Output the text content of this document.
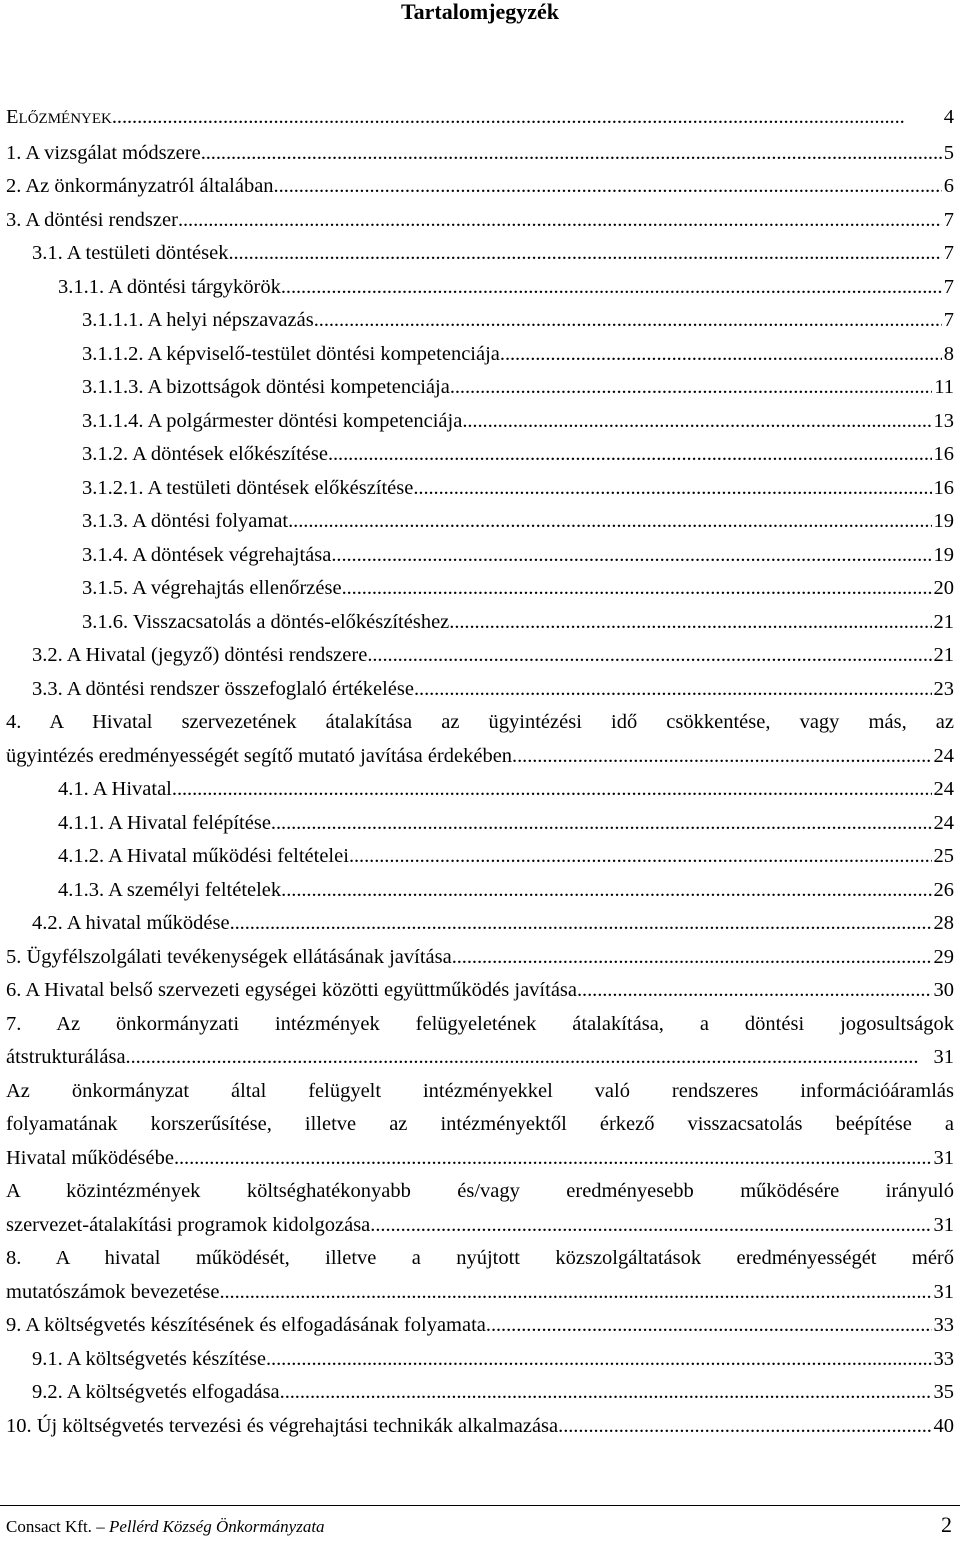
Tartalomjegyzék
ELŐZMÉNYEK . . .	4
1. A vizsgálat módszere . . .	5
2. Az önkormányzatról általában . . .	6
3. A döntési rendszer . . .	7
3.1. A testületi döntések . . .	7
3.1.1. A döntési tárgykörök . . .	7
3.1.1.1. A helyi népszavazás . . .	7
3.1.1.2. A képviselő-testület döntési kompetenciája . . .	8
3.1.1.3. A bizottságok döntési kompetenciája . . .	11
3.1.1.4. A polgármester döntési kompetenciája . . .	13
3.1.2. A döntések előkészítése . . .	16
3.1.2.1. A testületi döntések előkészítése . . .	16
3.1.3. A döntési folyamat . . .	19
3.1.4. A döntések végrehajtása . . .	19
3.1.5. A végrehajtás ellenőrzése . . .	20
3.1.6. Visszacsatolás a döntés-előkészítéshez . . .	21
3.2. A Hivatal (jegyző) döntési rendszere . . .	21
3.3. A döntési rendszer összefoglaló értékelése . . .	23
4. A Hivatal szervezetének átalakítása az ügyintézési idő csökkentése, vagy más, az
ügyintézés eredményességét segítő mutató javítása érdekében . . .	24
4.1. A Hivatal . . .	24
4.1.1. A Hivatal felépítése . . .	24
4.1.2. A Hivatal működési feltételei . . .	25
4.1.3. A személyi feltételek . . .	26
4.2. A hivatal működése . . .	28
5. Ügyfélszolgálati tevékenységek ellátásának javítása . . .	29
6. A Hivatal belső szervezeti egységei közötti együttműködés javítása . . .	30
7. Az önkormányzati intézmények felügyeletének átalakítása, a döntési jogosultságok
átstrukturálása . . .	31
Az önkormányzat által felügyelt intézményekkel való rendszeres információáramlás
folyamatának korszerűsítése, illetve az intézményektől érkező visszacsatolás beépítése a
Hivatal működésébe . . .	31
A közintézmények költséghatékonyabb és/vagy eredményesebb működésére irányuló
szervezet-átalakítási programok kidolgozása . . .	31
8. A hivatal működését, illetve a nyújtott közszolgáltatások eredményességét mérő
mutatószámok bevezetése . . .	31
9. A költségvetés készítésének és elfogadásának folyamata . . .	33
9.1. A költségvetés készítése . . .	33
9.2. A költségvetés elfogadása . . .	35
10. Új költségvetés tervezési és végrehajtási technikák alkalmazása . . .	40
Consact Kft. – Pellérd Község Önkormányzata	2
